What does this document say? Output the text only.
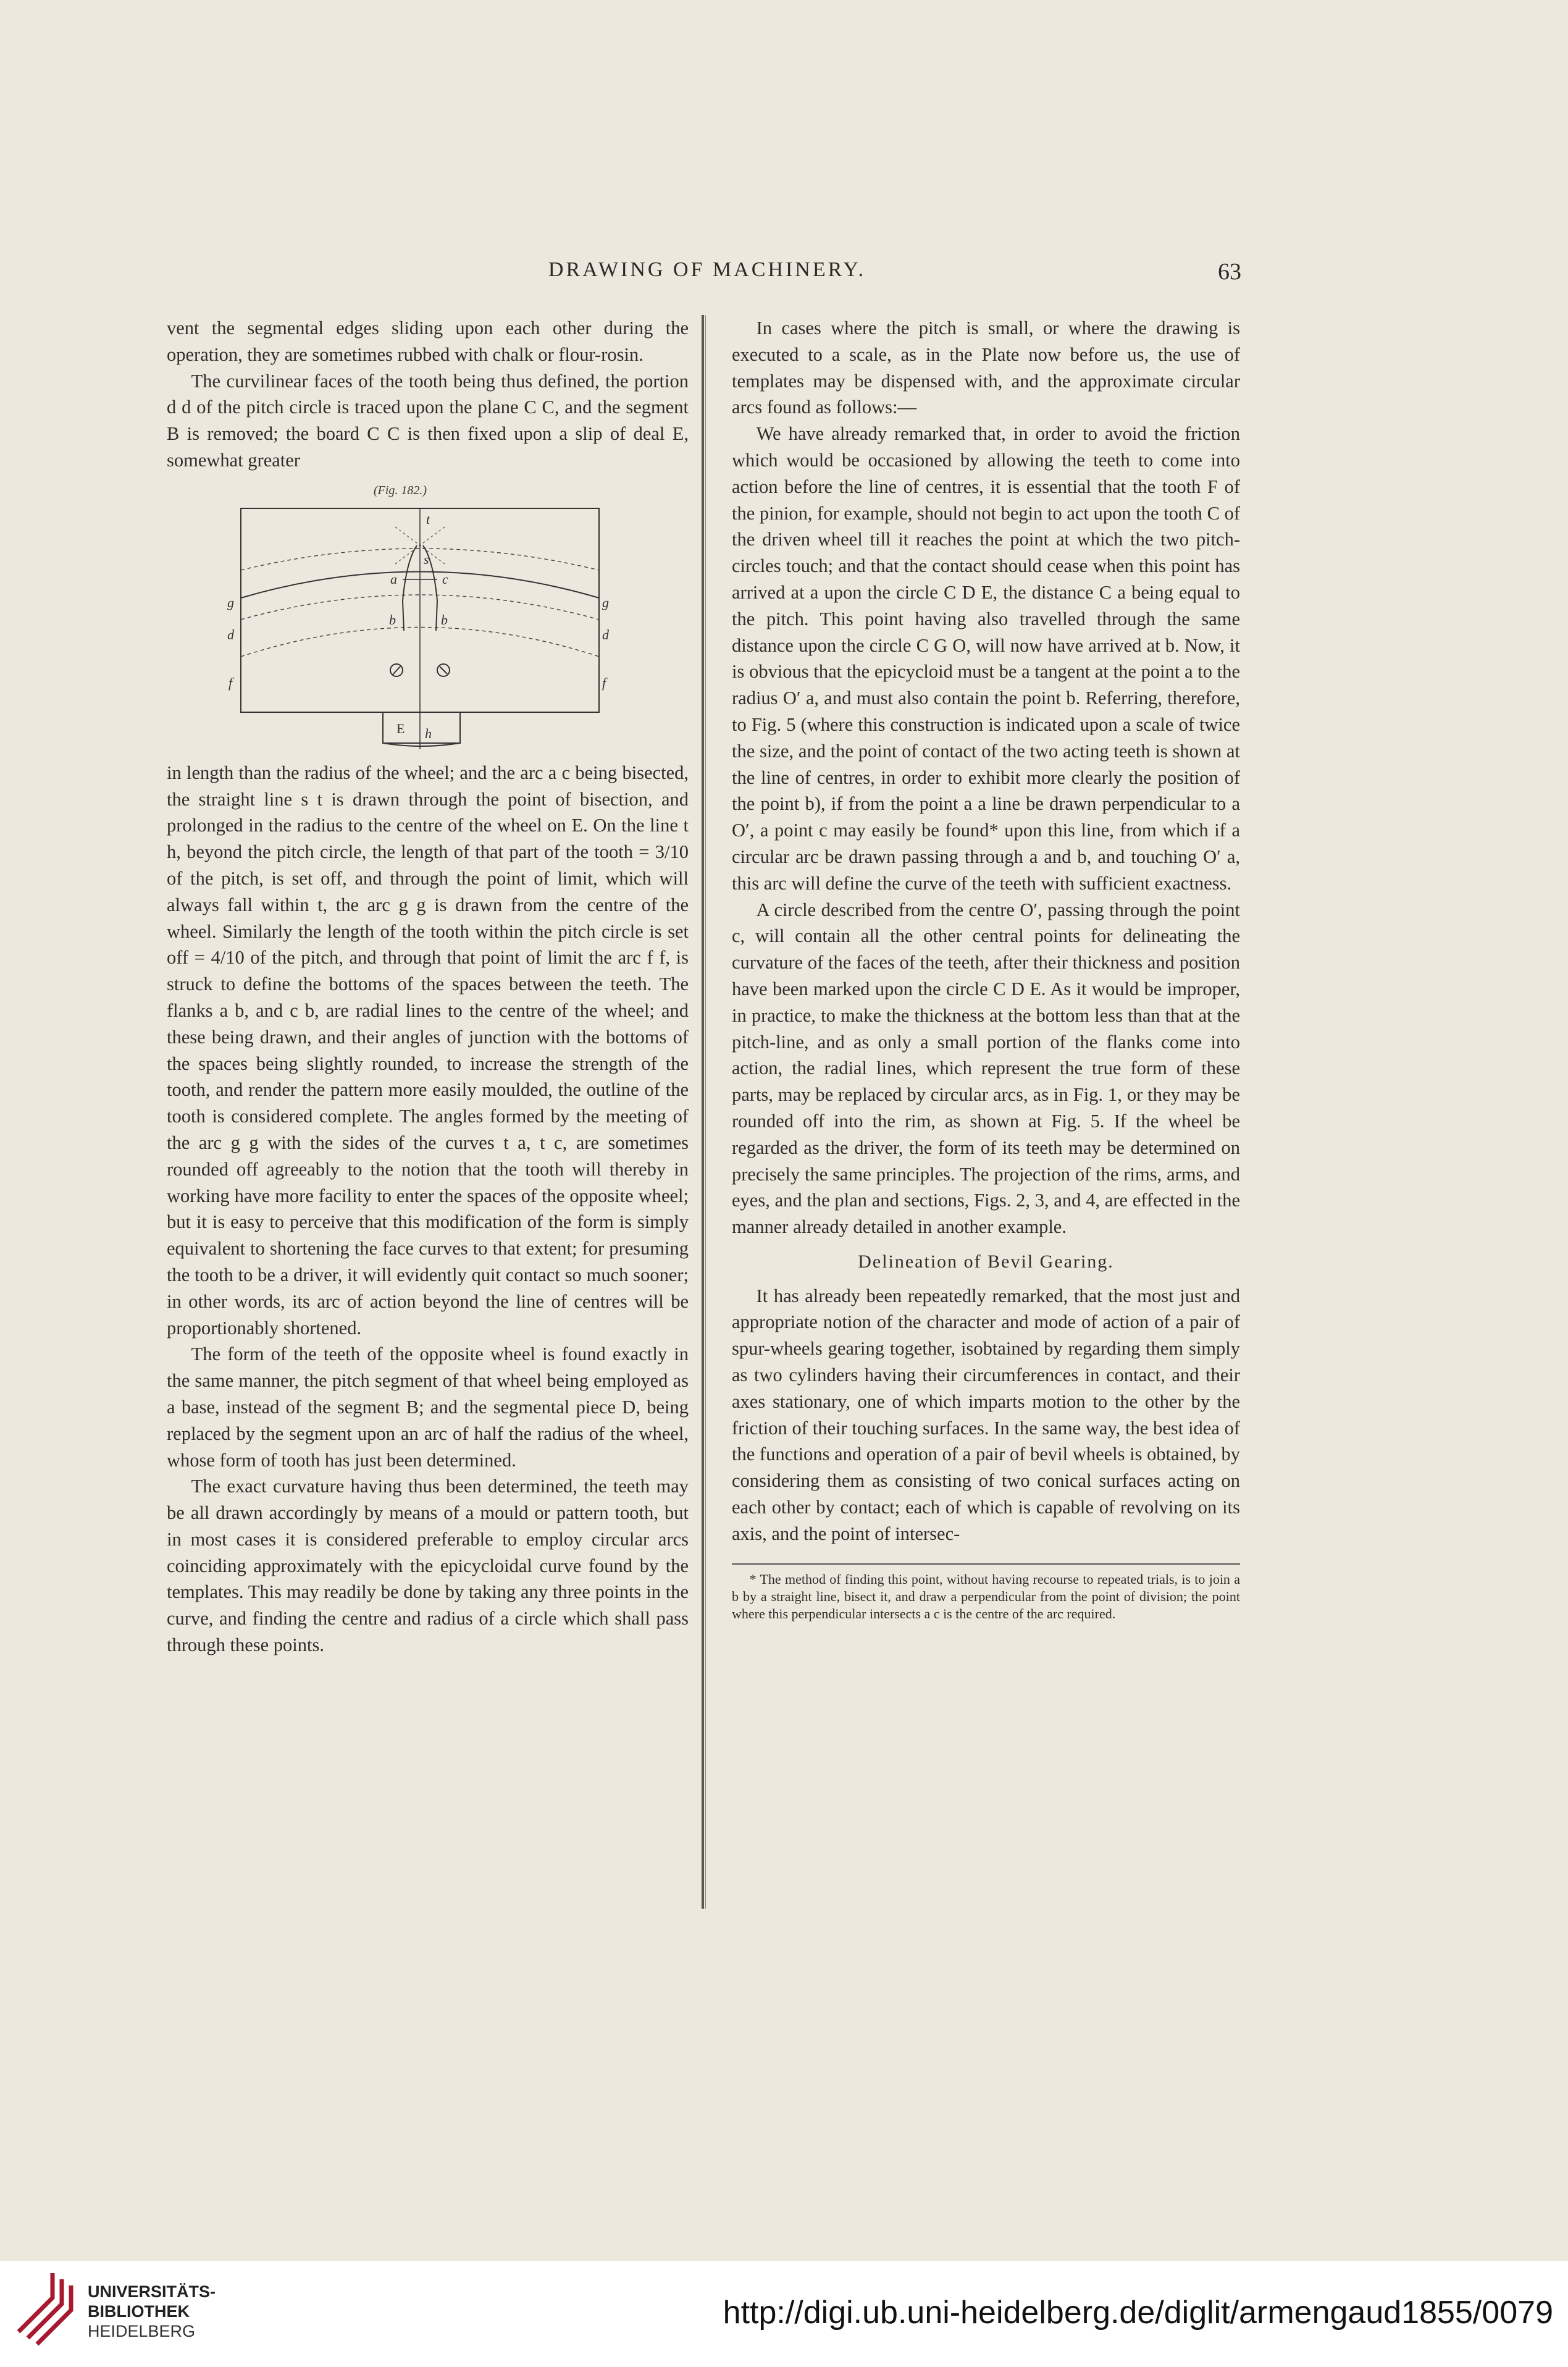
DRAWING OF MACHINERY.	63

vent the segmental edges sliding upon each other during the operation, they are sometimes rubbed with chalk or flour-rosin.

The curvilinear faces of the tooth being thus defined, the portion d d of the pitch circle is traced upon the plane C C, and the segment B is removed; the board C C is then fixed upon a slip of deal E, somewhat greater

(Fig. 182.)
t
s
a	c
g	g
b	b
d	d
f	f
h
E

in length than the radius of the wheel; and the arc a c being bisected, the straight line s t is drawn through the point of bisection, and prolonged in the radius to the centre of the wheel on E. On the line t h, beyond the pitch circle, the length of that part of the tooth = 3/10 of the pitch, is set off, and through the point of limit, which will always fall within t, the arc g g is drawn from the centre of the wheel. Similarly the length of the tooth within the pitch circle is set off = 4/10 of the pitch, and through that point of limit the arc f f, is struck to define the bottoms of the spaces between the teeth. The flanks a b, and c b, are radial lines to the centre of the wheel; and these being drawn, and their angles of junction with the bottoms of the spaces being slightly rounded, to increase the strength of the tooth, and render the pattern more easily moulded, the outline of the tooth is considered complete. The angles formed by the meeting of the arc g g with the sides of the curves t a, t c, are sometimes rounded off agreeably to the notion that the tooth will thereby in working have more facility to enter the spaces of the opposite wheel; but it is easy to perceive that this modification of the form is simply equivalent to shortening the face curves to that extent; for presuming the tooth to be a driver, it will evidently quit contact so much sooner; in other words, its arc of action beyond the line of centres will be proportionably shortened.

The form of the teeth of the opposite wheel is found exactly in the same manner, the pitch segment of that wheel being employed as a base, instead of the segment B; and the segmental piece D, being replaced by the segment upon an arc of half the radius of the wheel, whose form of tooth has just been determined.

The exact curvature having thus been determined, the teeth may be all drawn accordingly by means of a mould or pattern tooth, but in most cases it is considered preferable to employ circular arcs coinciding approximately with the epicycloidal curve found by the templates. This may readily be done by taking any three points in the curve, and finding the centre and radius of a circle which shall pass through these points.

In cases where the pitch is small, or where the drawing is executed to a scale, as in the Plate now before us, the use of templates may be dispensed with, and the approximate circular arcs found as follows:—

We have already remarked that, in order to avoid the friction which would be occasioned by allowing the teeth to come into action before the line of centres, it is essential that the tooth F of the pinion, for example, should not begin to act upon the tooth C of the driven wheel till it reaches the point at which the two pitch-circles touch; and that the contact should cease when this point has arrived at a upon the circle C D E, the distance C a being equal to the pitch. This point having also travelled through the same distance upon the circle C G O, will now have arrived at b. Now, it is obvious that the epicycloid must be a tangent at the point a to the radius O′ a, and must also contain the point b. Referring, therefore, to Fig. 5 (where this construction is indicated upon a scale of twice the size, and the point of contact of the two acting teeth is shown at the line of centres, in order to exhibit more clearly the position of the point b), if from the point a a line be drawn perpendicular to a O′, a point c may easily be found* upon this line, from which if a circular arc be drawn passing through a and b, and touching O′ a, this arc will define the curve of the teeth with sufficient exactness.

A circle described from the centre O′, passing through the point c, will contain all the other central points for delineating the curvature of the faces of the teeth, after their thickness and position have been marked upon the circle C D E. As it would be improper, in practice, to make the thickness at the bottom less than that at the pitch-line, and as only a small portion of the flanks come into action, the radial lines, which represent the true form of these parts, may be replaced by circular arcs, as in Fig. 1, or they may be rounded off into the rim, as shown at Fig. 5. If the wheel be regarded as the driver, the form of its teeth may be determined on precisely the same principles. The projection of the rims, arms, and eyes, and the plan and sections, Figs. 2, 3, and 4, are effected in the manner already detailed in another example.

Delineation of Bevil Gearing.

It has already been repeatedly remarked, that the most just and appropriate notion of the character and mode of action of a pair of spur-wheels gearing together, isobtained by regarding them simply as two cylinders having their circumferences in contact, and their axes stationary, one of which imparts motion to the other by the friction of their touching surfaces. In the same way, the best idea of the functions and operation of a pair of bevil wheels is obtained, by considering them as consisting of two conical surfaces acting on each other by contact; each of which is capable of revolving on its axis, and the point of intersec-

* The method of finding this point, without having recourse to repeated trials, is to join a b by a straight line, bisect it, and draw a perpendicular from the point of division; the point where this perpendicular intersects a c is the centre of the arc required.

UNIVERSITÄTS-
BIBLIOTHEK
HEIDELBERG
http://digi.ub.uni-heidelberg.de/diglit/armengaud1855/0079
